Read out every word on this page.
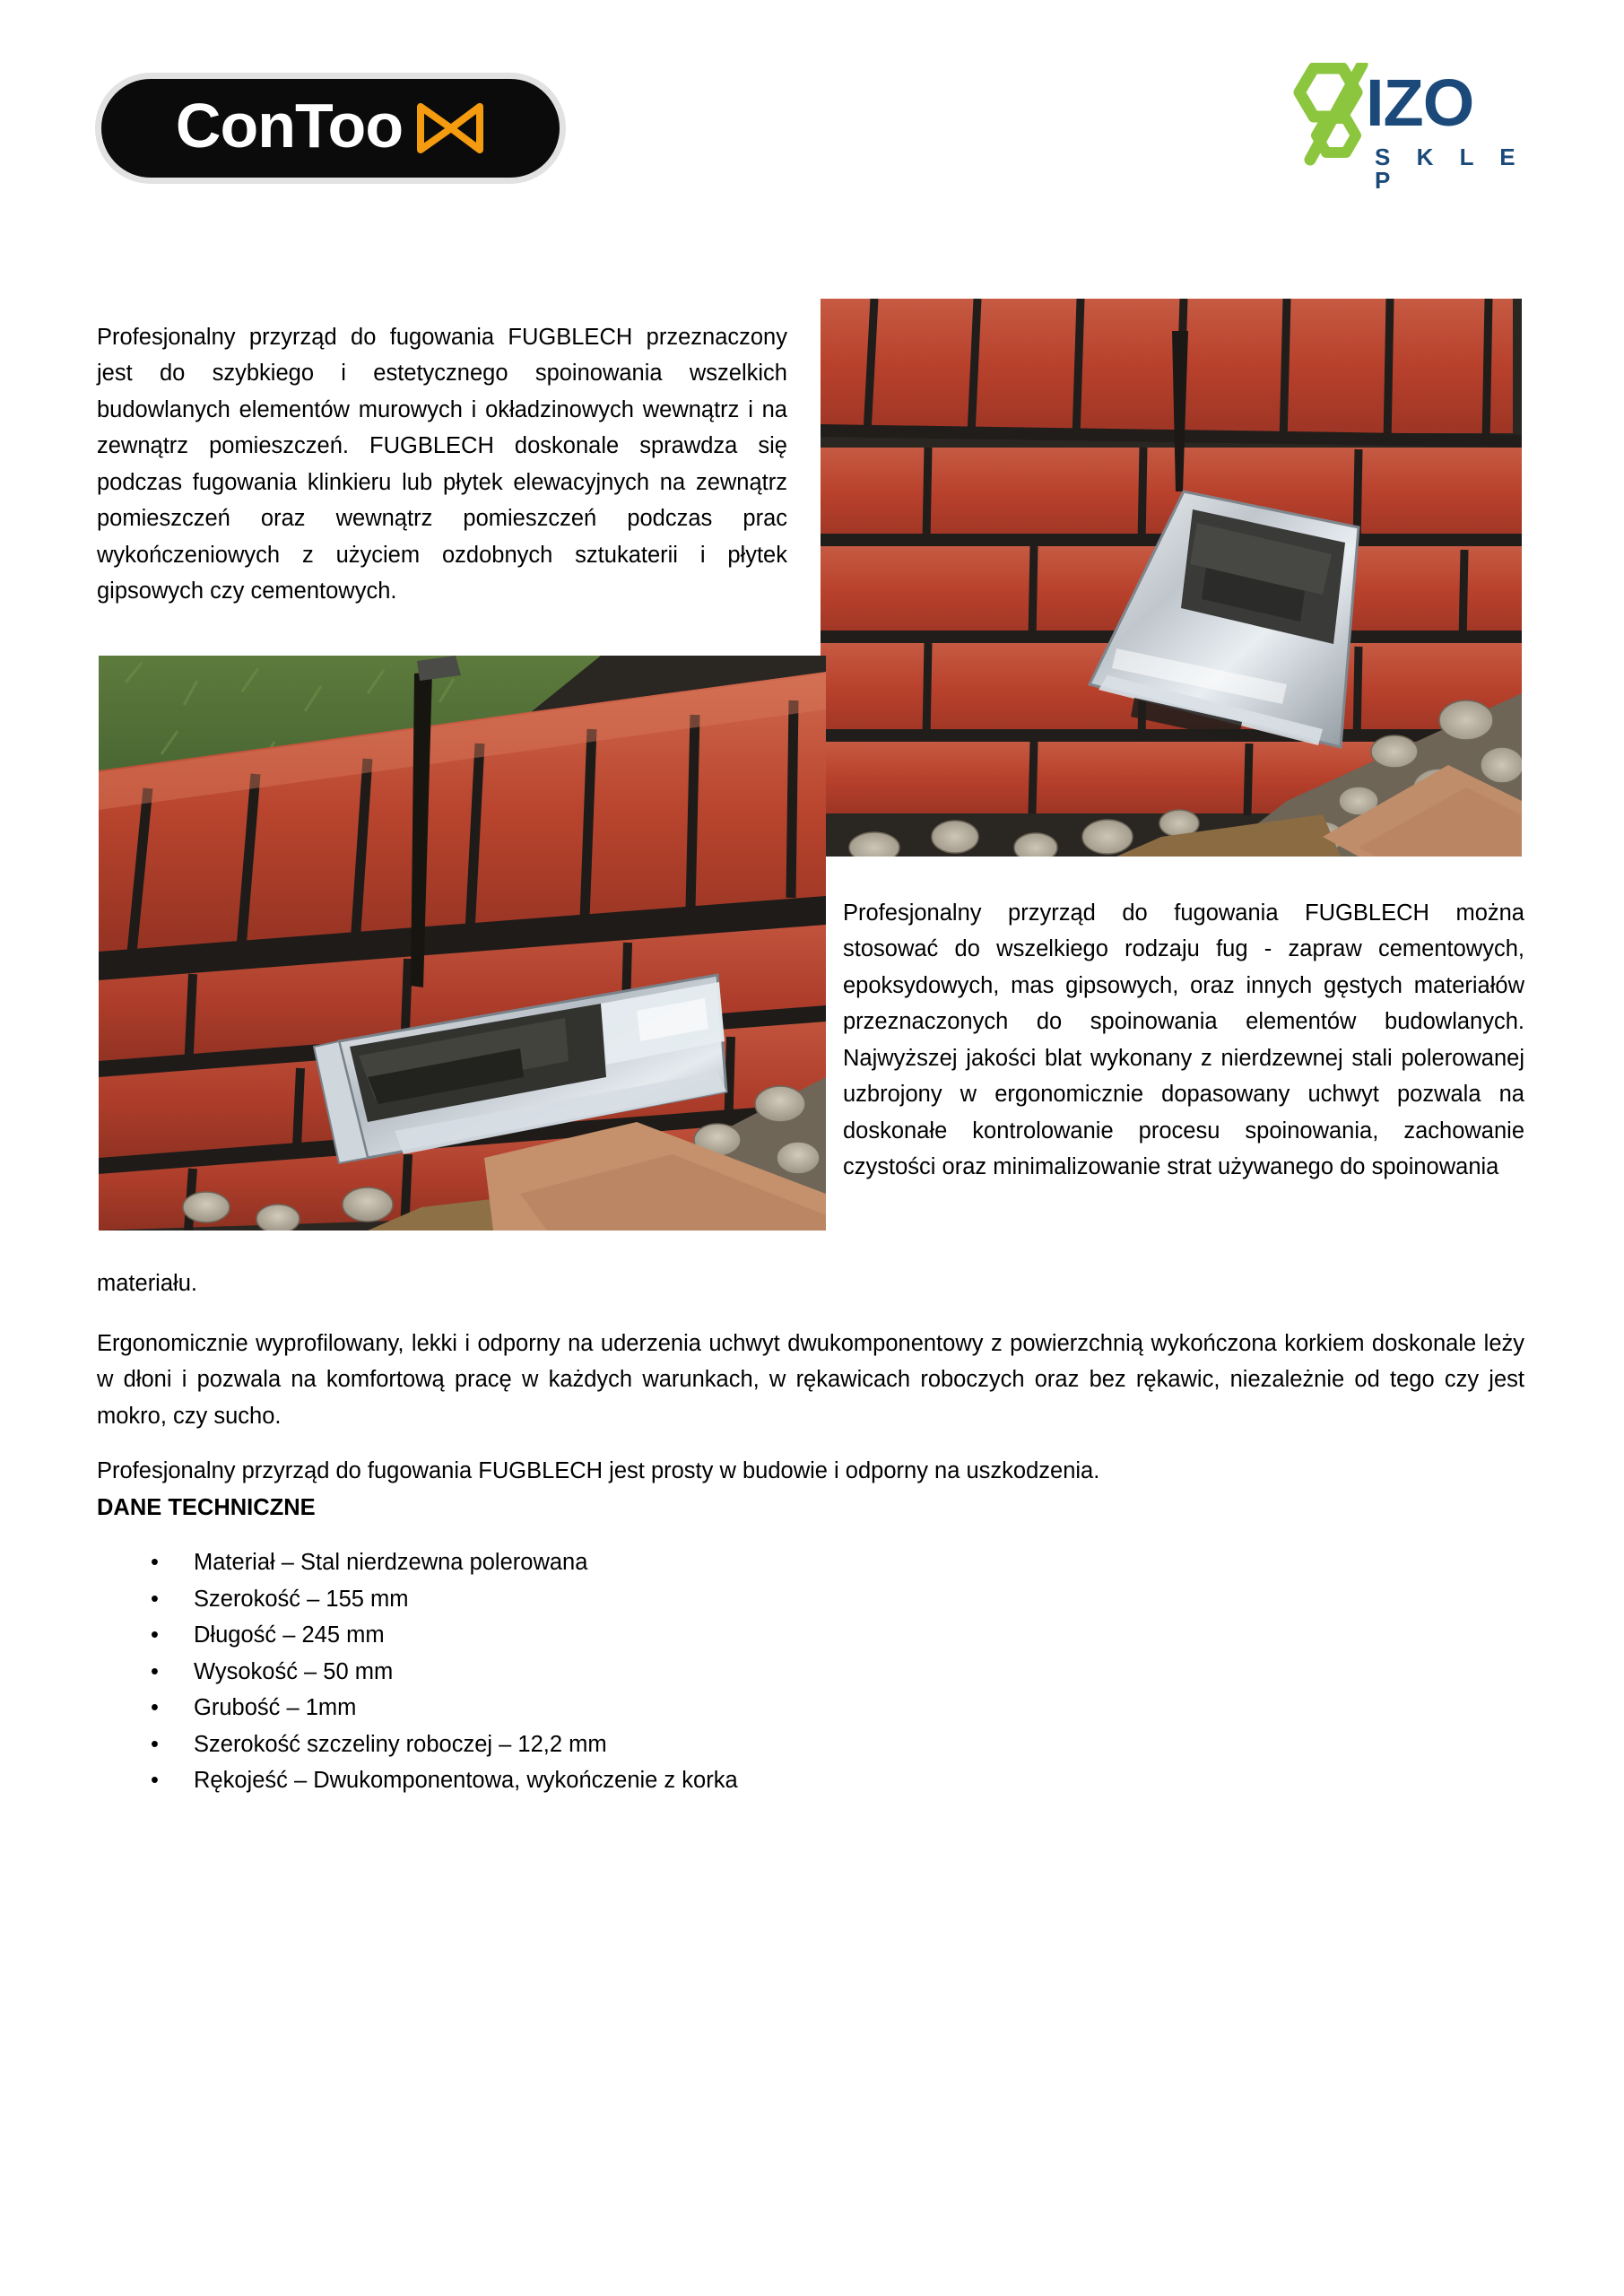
ConToo	IZO
S K L E P

Profesjonalny przyrząd do fugowania FUGBLECH przeznaczony jest do szybkiego i estetycznego spoinowania wszelkich budowlanych elementów murowych i okładzinowych wewnątrz i na zewnątrz pomieszczeń. FUGBLECH doskonale sprawdza się podczas fugowania klinkieru lub płytek elewacyjnych na zewnątrz pomieszczeń oraz wewnątrz pomieszczeń podczas prac wykończeniowych z użyciem ozdobnych sztukaterii i płytek gipsowych czy cementowych.

Profesjonalny przyrząd do fugowania FUGBLECH można stosować do wszelkiego rodzaju fug - zapraw cementowych, epoksydowych, mas gipsowych, oraz innych gęstych materiałów przeznaczonych do spoinowania elementów budowlanych. Najwyższej jakości blat wykonany z nierdzewnej stali polerowanej uzbrojony w ergonomicznie dopasowany uchwyt pozwala na doskonałe kontrolowanie procesu spoinowania, zachowanie czystości oraz minimalizowanie strat używanego do spoinowania

materiału.

Ergonomicznie wyprofilowany, lekki i odporny na uderzenia uchwyt dwukomponentowy z powierzchnią wykończona korkiem doskonale leży w dłoni i pozwala na komfortową pracę w każdych warunkach, w rękawicach roboczych oraz bez rękawic, niezależnie od tego czy jest mokro, czy sucho.

Profesjonalny przyrząd do fugowania FUGBLECH jest prosty w budowie i odporny na uszkodzenia.

DANE TECHNICZNE
• Materiał – Stal nierdzewna polerowana
• Szerokość – 155 mm
• Długość – 245 mm
• Wysokość – 50 mm
• Grubość – 1mm
• Szerokość szczeliny roboczej – 12,2 mm
• Rękojeść – Dwukomponentowa, wykończenie z korka
